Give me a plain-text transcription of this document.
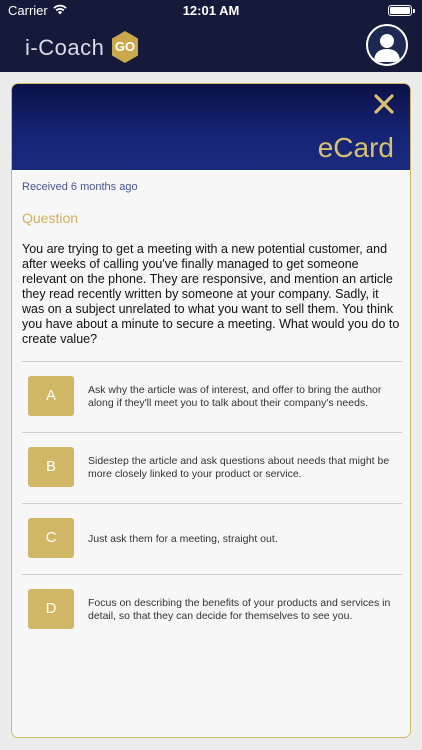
Carrier	12:01 AM
i-Coach GO
eCard
Received 6 months ago
Question
You are trying to get a meeting with a new potential customer, and after weeks of calling you've finally managed to get someone relevant on the phone. They are responsive, and mention an article they read recently written by someone at your company. Sadly, it was on a subject unrelated to what you want to sell them. You think you have about a minute to secure a meeting. What would you do to create value?
A	Ask why the article was of interest, and offer to bring the author along if they'll meet you to talk about their company's needs.
B	Sidestep the article and ask questions about needs that might be more closely linked to your product or service.
C	Just ask them for a meeting, straight out.
D	Focus on describing the benefits of your products and services in detail, so that they can decide for themselves to see you.
